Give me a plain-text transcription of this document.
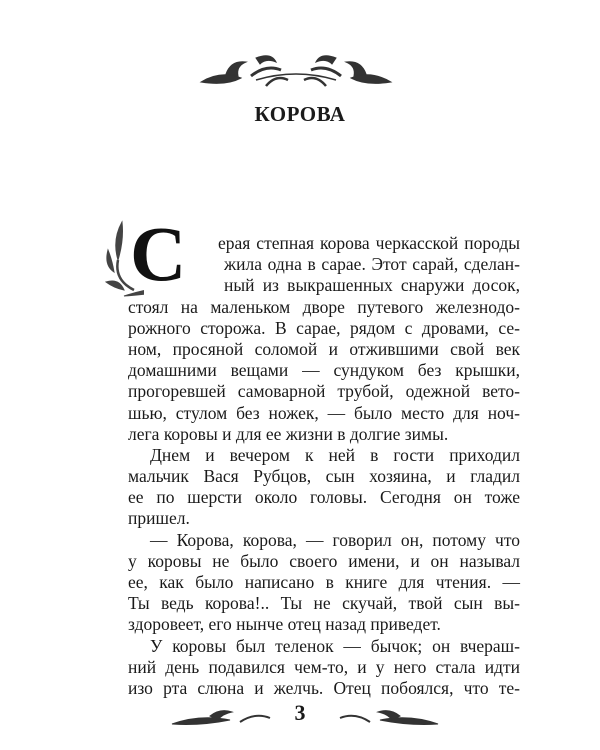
КОРОВА
С	ерая степная корова черкасской породы
жила одна в сарае. Этот сарай, сделан-
ный из выкрашенных снаружи досок,
стоял на маленьком дворе путевого железнодо-
рожного сторожа. В сарае, рядом с дровами, се-
ном, просяной соломой и отжившими свой век
домашними вещами — сундуком без крышки,
прогоревшей самоварной трубой, одежной вето-
шью, стулом без ножек, — было место для ноч-
лега коровы и для ее жизни в долгие зимы.
Днем и вечером к ней в гости приходил
мальчик Вася Рубцов, сын хозяина, и гладил
ее по шерсти около головы. Сегодня он тоже
пришел.
— Корова, корова, — говорил он, потому что
у коровы не было своего имени, и он называл
ее, как было написано в книге для чтения. —
Ты ведь корова!.. Ты не скучай, твой сын вы-
здоровеет, его нынче отец назад приведет.
У коровы был теленок — бычок; он вчераш-
ний день подавился чем-то, и у него стала идти
изо рта слюна и желчь. Отец побоялся, что те-
3
